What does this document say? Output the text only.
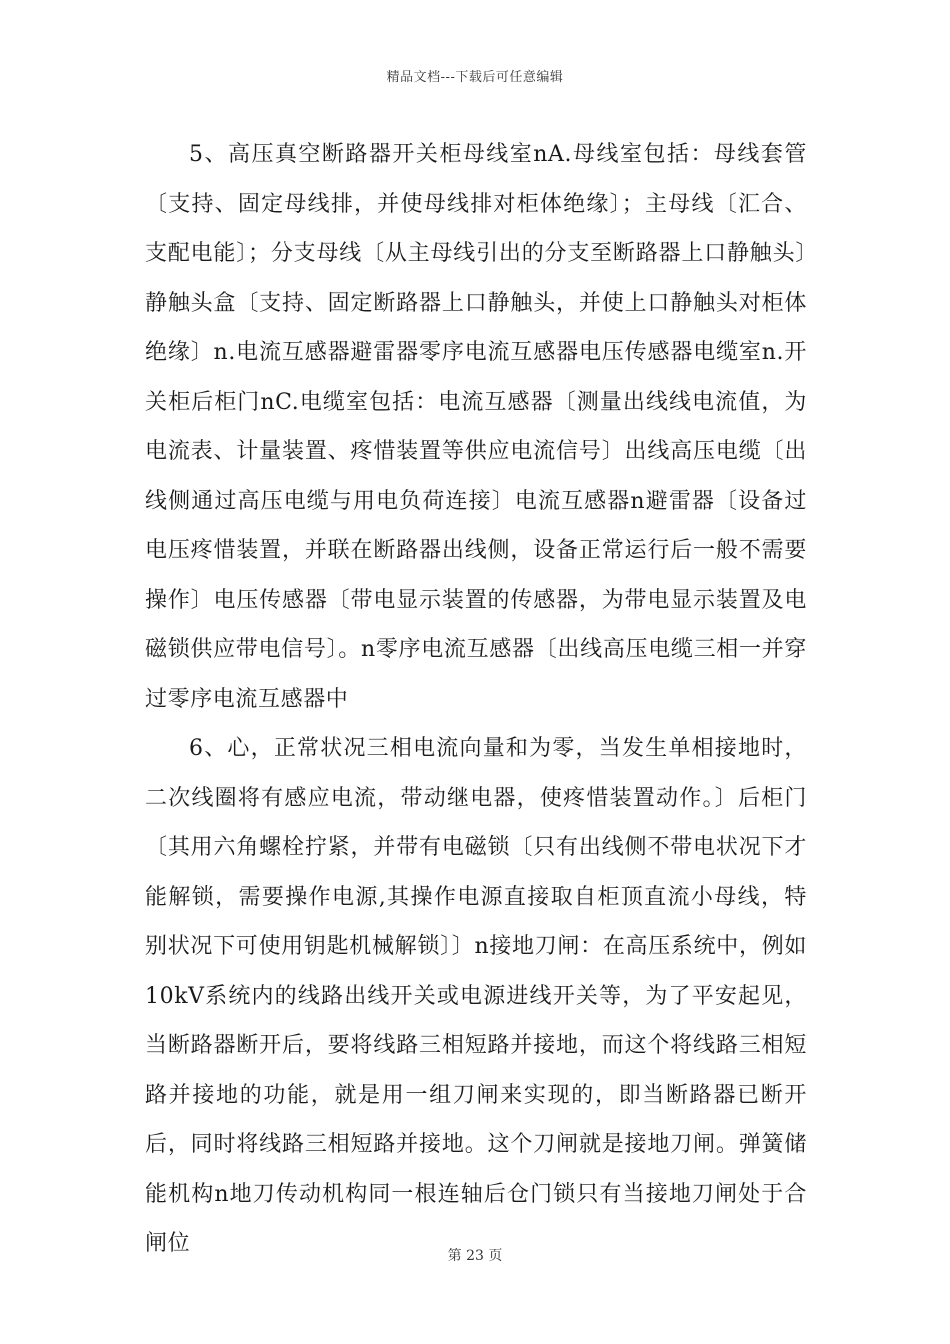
精品文档---下载后可任意编辑

5、高压真空断路器开关柜母线室nA.母线室包括：母线套管〔支持、固定母线排，并使母线排对柜体绝缘〕；主母线〔汇合、支配电能〕；分支母线〔从主母线引出的分支至断路器上口静触头〕静触头盒〔支持、固定断路器上口静触头，并使上口静触头对柜体绝缘〕n.电流互感器避雷器零序电流互感器电压传感器电缆室n.开关柜后柜门nC.电缆室包括：电流互感器〔测量出线线电流值，为电流表、计量装置、疼惜装置等供应电流信号〕出线高压电缆〔出线侧通过高压电缆与用电负荷连接〕电流互感器n避雷器〔设备过电压疼惜装置，并联在断路器出线侧，设备正常运行后一般不需要操作〕电压传感器〔带电显示装置的传感器，为带电显示装置及电磁锁供应带电信号〕。n零序电流互感器〔出线高压电缆三相一并穿过零序电流互感器中

6、心，正常状况三相电流向量和为零，当发生单相接地时，二次线圈将有感应电流，带动继电器，使疼惜装置动作。〕后柜门〔其用六角螺栓拧紧，并带有电磁锁〔只有出线侧不带电状况下才能解锁，需要操作电源,其操作电源直接取自柜顶直流小母线，特别状况下可使用钥匙机械解锁〕〕n接地刀闸：在高压系统中，例如10kV系统内的线路出线开关或电源进线开关等，为了平安起见，当断路器断开后，要将线路三相短路并接地，而这个将线路三相短路并接地的功能，就是用一组刀闸来实现的，即当断路器已断开后，同时将线路三相短路并接地。这个刀闸就是接地刀闸。弹簧储能机构n地刀传动机构同一根连轴后仓门锁只有当接地刀闸处于合闸位	第 23 页
